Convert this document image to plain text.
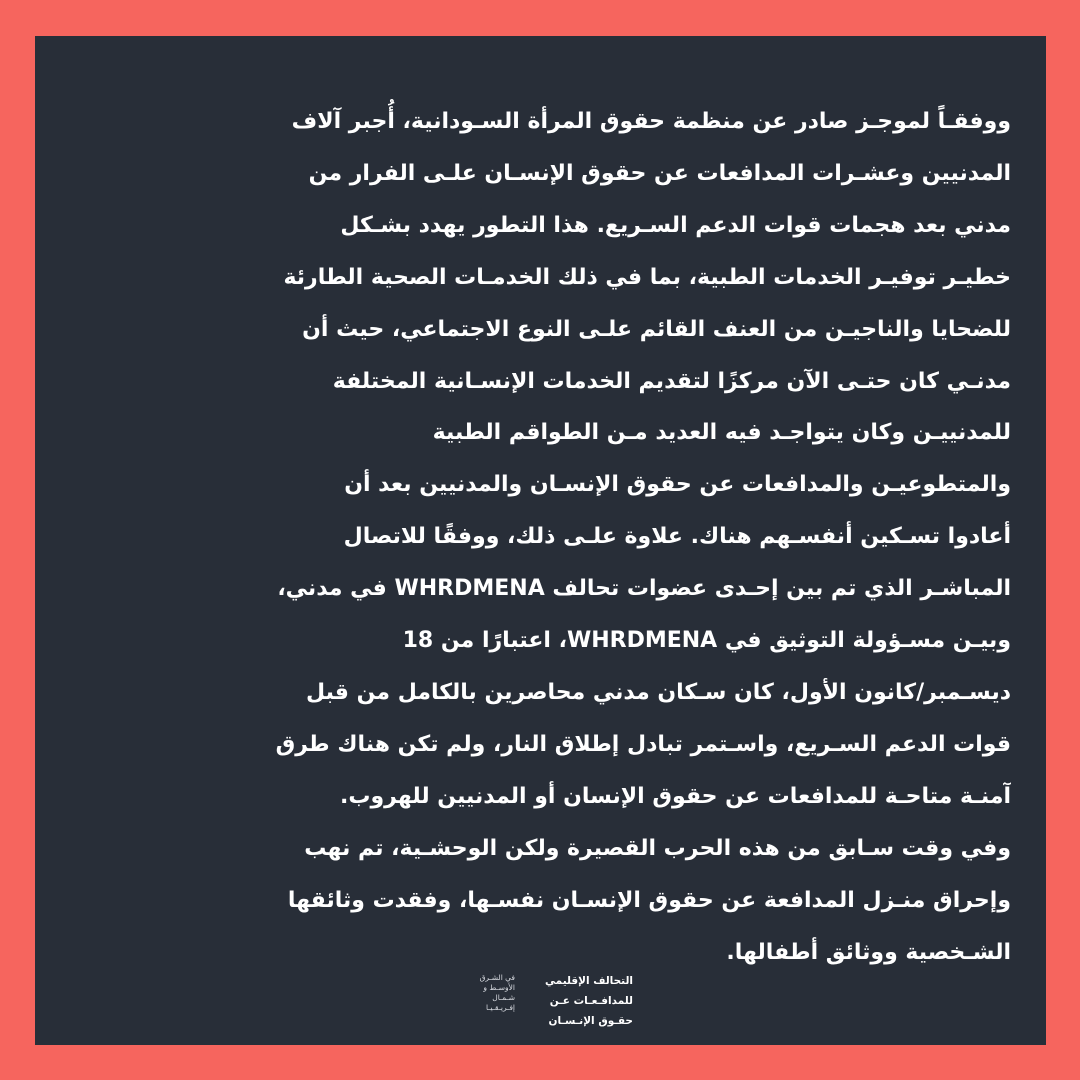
ووفقـاً لموجـز صادر عن منظمة حقوق المرأة السـودانية، أُجبر آلاف
المدنيين وعشـرات المدافعات عن حقوق الإنسـان علـى الفرار من
مدني بعد هجمات قوات الدعم السـريع. هذا التطور يهدد بشـكل
خطيـر توفيـر الخدمات الطبية، بما في ذلك الخدمـات الصحية الطارئة
للضحايا والناجيـن من العنف القائم علـى النوع الاجتماعي، حيث أن
مدنـي كان حتـى الآن مركزًا لتقديم الخدمات الإنسـانية المختلفة
للمدنييـن وكان يتواجـد فيه العديد مـن الطواقم الطبية
والمتطوعيـن والمدافعات عن حقوق الإنسـان والمدنيين بعد أن
أعادوا تسـكين أنفسـهم هناك. علاوة علـى ذلك، ووفقًا للاتصال
المباشـر الذي تم بين إحـدى عضوات تحالف WHRDMENA في مدني،
وبيـن مسـؤولة التوثيق في WHRDMENA، اعتبارًا من 18
ديسـمبر/كانون الأول، كان سـكان مدني محاصرين بالكامل من قبل
قوات الدعم السـريع، واسـتمر تبادل إطلاق النار، ولم تكن هناك طرق
آمنـة متاحـة للمدافعات عن حقوق الإنسان أو المدنيين للهروب.
وفي وقت سـابق من هذه الحرب القصيرة ولكن الوحشـية، تم نهب
وإحراق منـزل المدافعة عن حقوق الإنسـان نفسـها، وفقدت وثائقها
الشـخصية ووثائق أطفالها.
التحالف الإقليمي
للمدافـعـات عـن
حقـوق الإنـسـان
في الشـرق
الأوسـط و
شـمـال
إفـريـقـيـا
